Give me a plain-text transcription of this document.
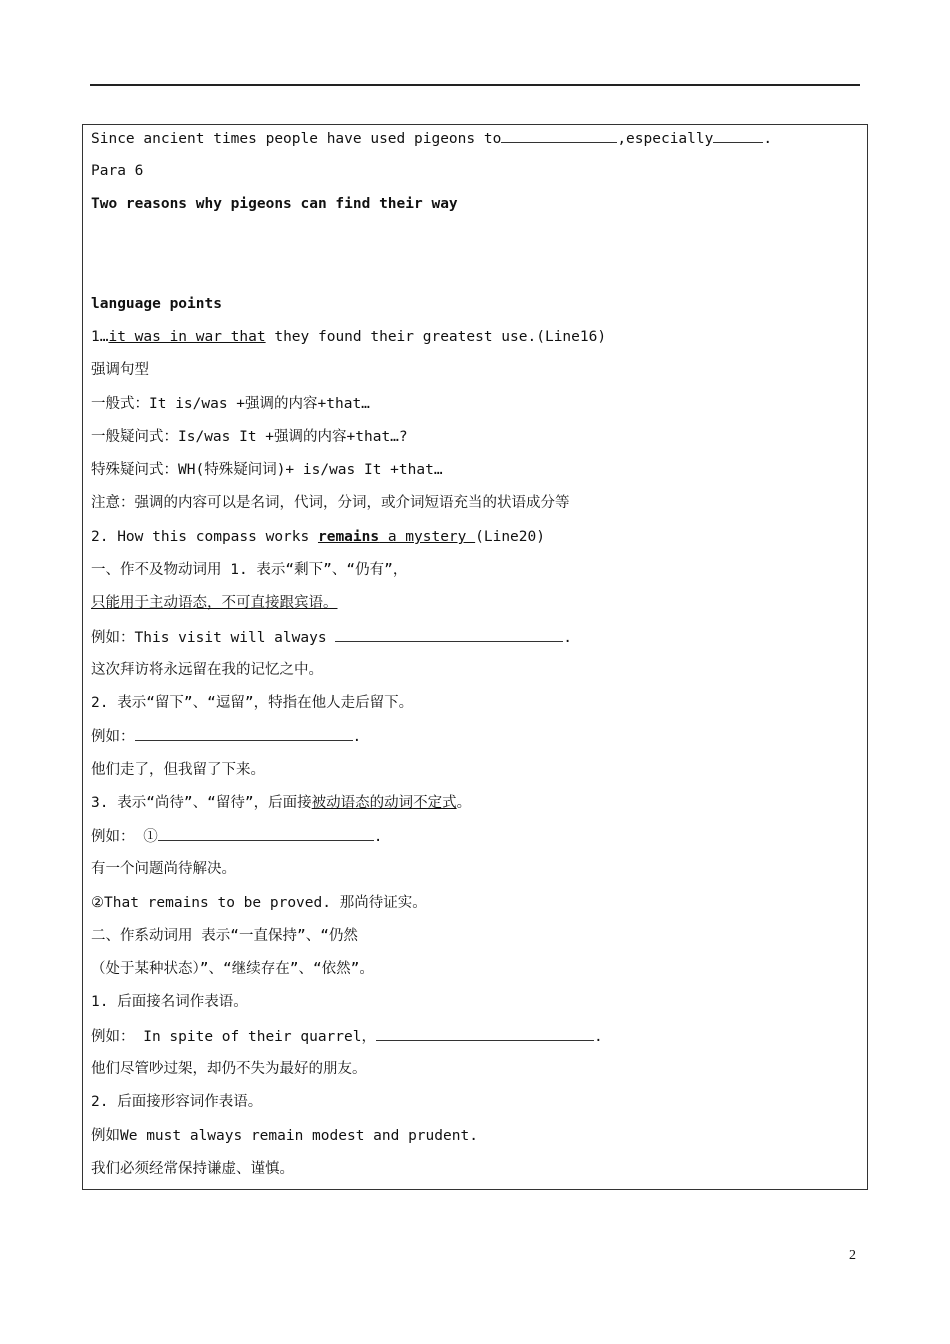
Since ancient times people have used pigeons to	,especially	.
Para 6
Two reasons why pigeons can find their way
language points
1…it was in war that they found their greatest use.(Line16)
强调句型
一般式：It is/was +强调的内容+that…
一般疑问式：Is/was It +强调的内容+that…?
特殊疑问式：WH(特殊疑问词)+ is/was It +that…
注意：强调的内容可以是名词，代词，分词，或介词短语充当的状语成分等
2. How this compass works remains a mystery (Line20)
一、作不及物动词用 1. 表示“剩下”、“仍有”，
只能用于主动语态，不可直接跟宾语。
例如：This visit will always	.
这次拜访将永远留在我的记忆之中。
2. 表示“留下”、“逗留”，特指在他人走后留下。
例如：	.
他们走了，但我留了下来。
3. 表示“尚待”、“留待”，后面接被动语态的动词不定式。
例如： ①	.
有一个问题尚待解决。
②That remains to be proved. 那尚待证实。
二、作系动词用 表示“一直保持”、“仍然
（处于某种状态）”、“继续存在”、“依然”。
1. 后面接名词作表语。
例如： In spite of their quarrel，	.
他们尽管吵过架，却仍不失为最好的朋友。
2. 后面接形容词作表语。
例如We must always remain modest and prudent.
我们必须经常保持谦虚、谨慎。
2
